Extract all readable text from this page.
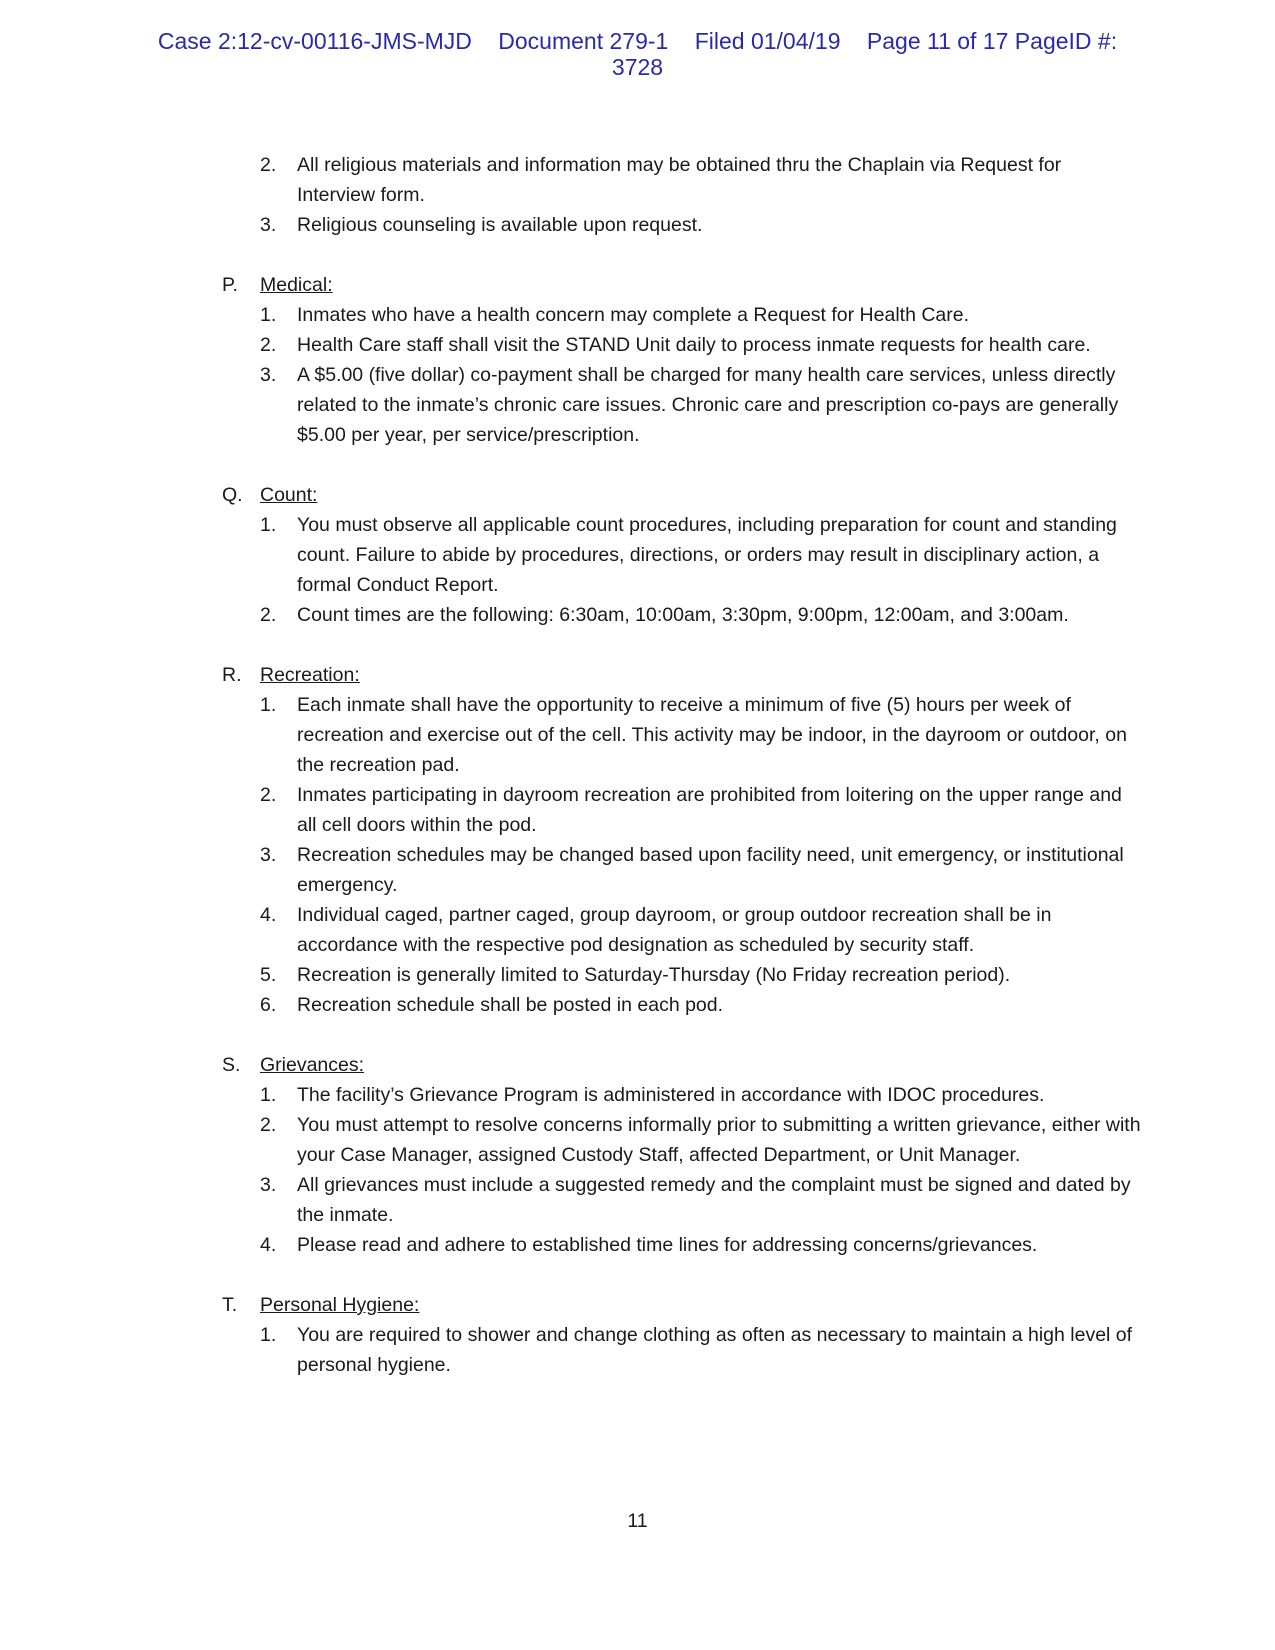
Case 2:12-cv-00116-JMS-MJD Document 279-1 Filed 01/04/19 Page 11 of 17 PageID #:
3728
2.	All religious materials and information may be obtained thru the Chaplain via Request for Interview form.
3.	Religious counseling is available upon request.
P.	Medical:
1.	Inmates who have a health concern may complete a Request for Health Care.
2.	Health Care staff shall visit the STAND Unit daily to process inmate requests for health care.
3.	A $5.00 (five dollar) co-payment shall be charged for many health care services, unless directly related to the inmate’s chronic care issues. Chronic care and prescription co-pays are generally $5.00 per year, per service/prescription.
Q. Count:
1.	You must observe all applicable count procedures, including preparation for count and standing count. Failure to abide by procedures, directions, or orders may result in disciplinary action, a formal Conduct Report.
2.	Count times are the following: 6:30am, 10:00am, 3:30pm, 9:00pm, 12:00am, and 3:00am.
R. Recreation:
1.	Each inmate shall have the opportunity to receive a minimum of five (5) hours per week of recreation and exercise out of the cell. This activity may be indoor, in the dayroom or outdoor, on the recreation pad.
2.	Inmates participating in dayroom recreation are prohibited from loitering on the upper range and all cell doors within the pod.
3.	Recreation schedules may be changed based upon facility need, unit emergency, or institutional emergency.
4.	Individual caged, partner caged, group dayroom, or group outdoor recreation shall be in accordance with the respective pod designation as scheduled by security staff.
5.	Recreation is generally limited to Saturday-Thursday (No Friday recreation period).
6.	Recreation schedule shall be posted in each pod.
S.	Grievances:
1.	The facility’s Grievance Program is administered in accordance with IDOC procedures.
2.	You must attempt to resolve concerns informally prior to submitting a written grievance, either with your Case Manager, assigned Custody Staff, affected Department, or Unit Manager.
3.	All grievances must include a suggested remedy and the complaint must be signed and dated by the inmate.
4.	Please read and adhere to established time lines for addressing concerns/grievances.
T.	Personal Hygiene:
1.	You are required to shower and change clothing as often as necessary to maintain a high level of personal hygiene.
11
